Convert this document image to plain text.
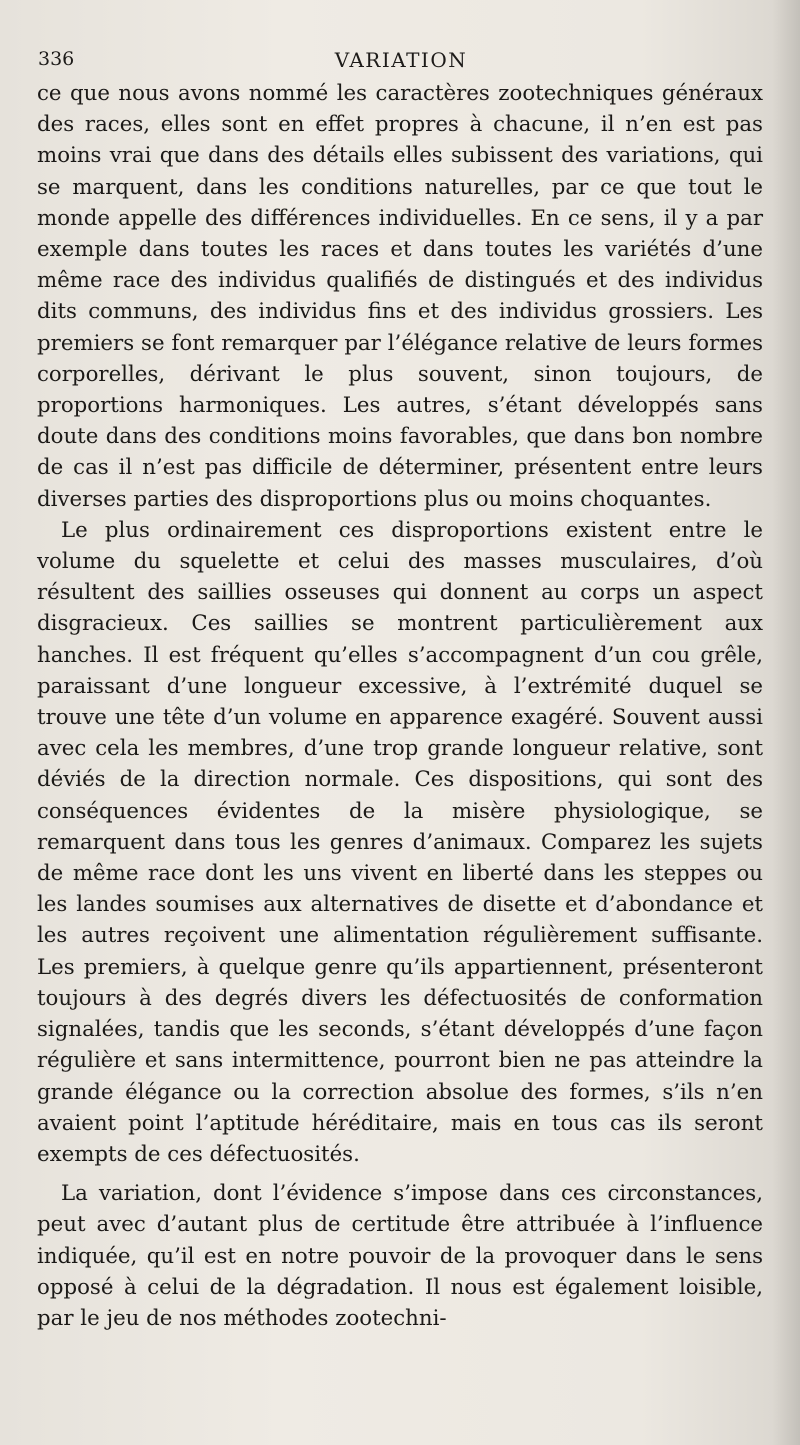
336	VARIATION

ce que nous avons nommé les caractères zootechniques généraux des races, elles sont en effet propres à chacune, il n’en est pas moins vrai que dans des détails elles subissent des variations, qui se marquent, dans les conditions naturelles, par ce que tout le monde appelle des différences individuelles. En ce sens, il y a par exemple dans toutes les races et dans toutes les variétés d’une même race des individus qualifiés de distingués et des individus dits communs, des individus fins et des individus grossiers. Les premiers se font remarquer par l’élégance relative de leurs formes corporelles, dérivant le plus souvent, sinon toujours, de proportions harmoniques. Les autres, s’étant développés sans doute dans des conditions moins favorables, que dans bon nombre de cas il n’est pas difficile de déterminer, présentent entre leurs diverses parties des disproportions plus ou moins choquantes.

Le plus ordinairement ces disproportions existent entre le volume du squelette et celui des masses musculaires, d’où résultent des saillies osseuses qui donnent au corps un aspect disgracieux. Ces saillies se montrent particulièrement aux hanches. Il est fréquent qu’elles s’accompagnent d’un cou grêle, paraissant d’une longueur excessive, à l’extrémité duquel se trouve une tête d’un volume en apparence exagéré. Souvent aussi avec cela les membres, d’une trop grande longueur relative, sont déviés de la direction normale. Ces dispositions, qui sont des conséquences évidentes de la misère physiologique, se remarquent dans tous les genres d’animaux. Comparez les sujets de même race dont les uns vivent en liberté dans les steppes ou les landes soumises aux alternatives de disette et d’abondance et les autres reçoivent une alimentation régulièrement suffisante. Les premiers, à quelque genre qu’ils appartiennent, présenteront toujours à des degrés divers les défectuosités de conformation signalées, tandis que les seconds, s’étant développés d’une façon régulière et sans intermittence, pourront bien ne pas atteindre la grande élégance ou la correction absolue des formes, s’ils n’en avaient point l’aptitude héréditaire, mais en tous cas ils seront exempts de ces défectuosités.

La variation, dont l’évidence s’impose dans ces circonstances, peut avec d’autant plus de certitude être attribuée à l’influence indiquée, qu’il est en notre pouvoir de la provoquer dans le sens opposé à celui de la dégradation. Il nous est également loisible, par le jeu de nos méthodes zootechni-
